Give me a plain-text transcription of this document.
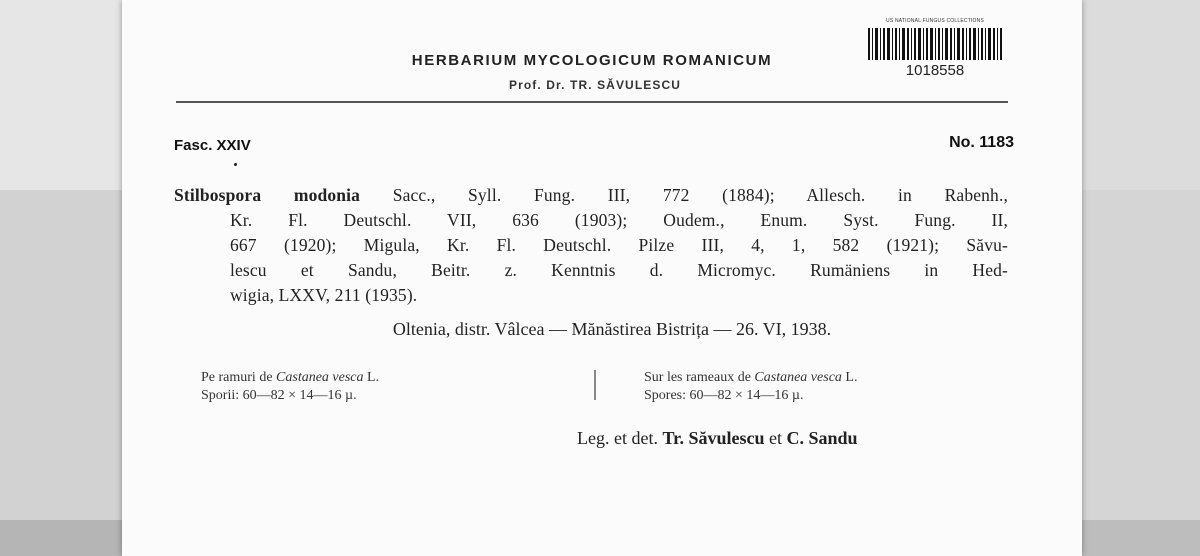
HERBARIUM MYCOLOGICUM ROMANICUM
Prof. Dr. TR. SĂVULESCU
US NATIONAL FUNGUS COLLECTIONS
1018558
Fasc. XXIV	No. 1183
Stilbospora modonia Sacc., Syll. Fung. III, 772 (1884); Allesch. in Rabenh.,
Kr. Fl. Deutschl. VII, 636 (1903); Oudem., Enum. Syst. Fung. II,
667 (1920); Migula, Kr. Fl. Deutschl. Pilze III, 4, 1, 582 (1921); Săvu-
lescu et Sandu, Beitr. z. Kenntnis d. Micromyc. Rumäniens in Hed-
wigia, LXXV, 211 (1935).
Oltenia, distr. Vâlcea — Mănăstirea Bistrița — 26. VI, 1938.
Pe ramuri de Castanea vesca L.
Sporii: 60—82 × 14—16 µ.
Sur les rameaux de Castanea vesca L.
Spores: 60—82 × 14—16 µ.
Leg. et det. Tr. Săvulescu et C. Sandu
